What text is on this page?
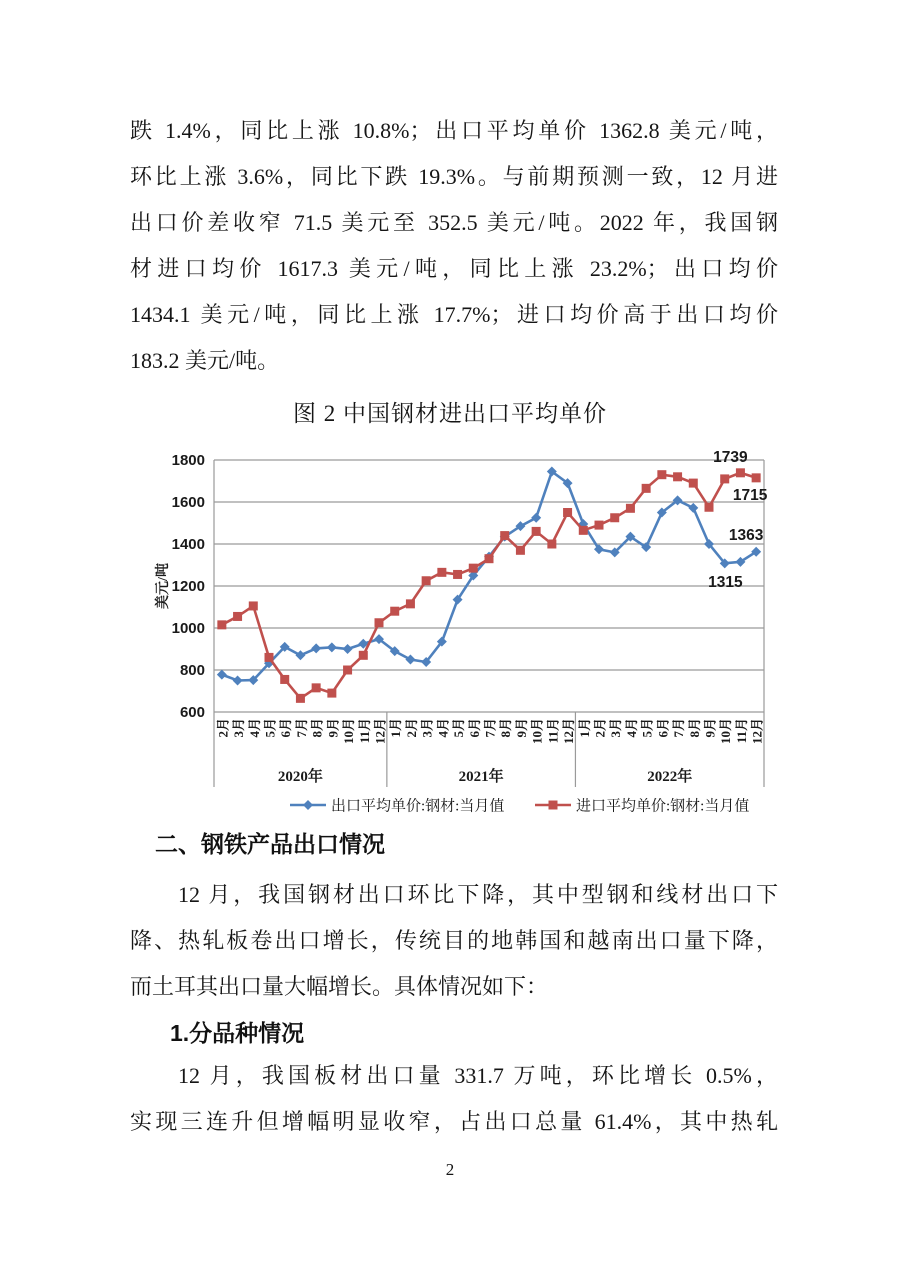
跌 1.4%，同比上涨 10.8%；出口平均单价 1362.8 美元/吨，
环比上涨 3.6%，同比下跌 19.3%。与前期预测一致，12 月进
出口价差收窄 71.5 美元至 352.5 美元/吨。2022 年，我国钢
材进口均价 1617.3 美元/吨，同比上涨 23.2%；出口均价
1434.1 美元/吨，同比上涨 17.7%；进口均价高于出口均价
183.2 美元/吨。
图 2 中国钢材进出口平均单价
600
800
1000
1200
1400
1600
1800
美元/吨
2月 3月 4月 5月 6月 7月 8月 9月 10月 11月 12月 1月 2月 3月 4月 5月 6月 7月 8月 9月 10月 11月 12月 1月 2月 3月 4月 5月 6月 7月 8月 9月 10月 11月 12月
2020年	2021年	2022年
1739
1715
1363
1315
出口平均单价:钢材:当月值	进口平均单价:钢材:当月值
二、钢铁产品出口情况
12 月，我国钢材出口环比下降，其中型钢和线材出口下
降、热轧板卷出口增长，传统目的地韩国和越南出口量下降，
而土耳其出口量大幅增长。具体情况如下：
1.分品种情况
12 月，我国板材出口量 331.7 万吨，环比增长 0.5%，
实现三连升但增幅明显收窄，占出口总量 61.4%，其中热轧
2
